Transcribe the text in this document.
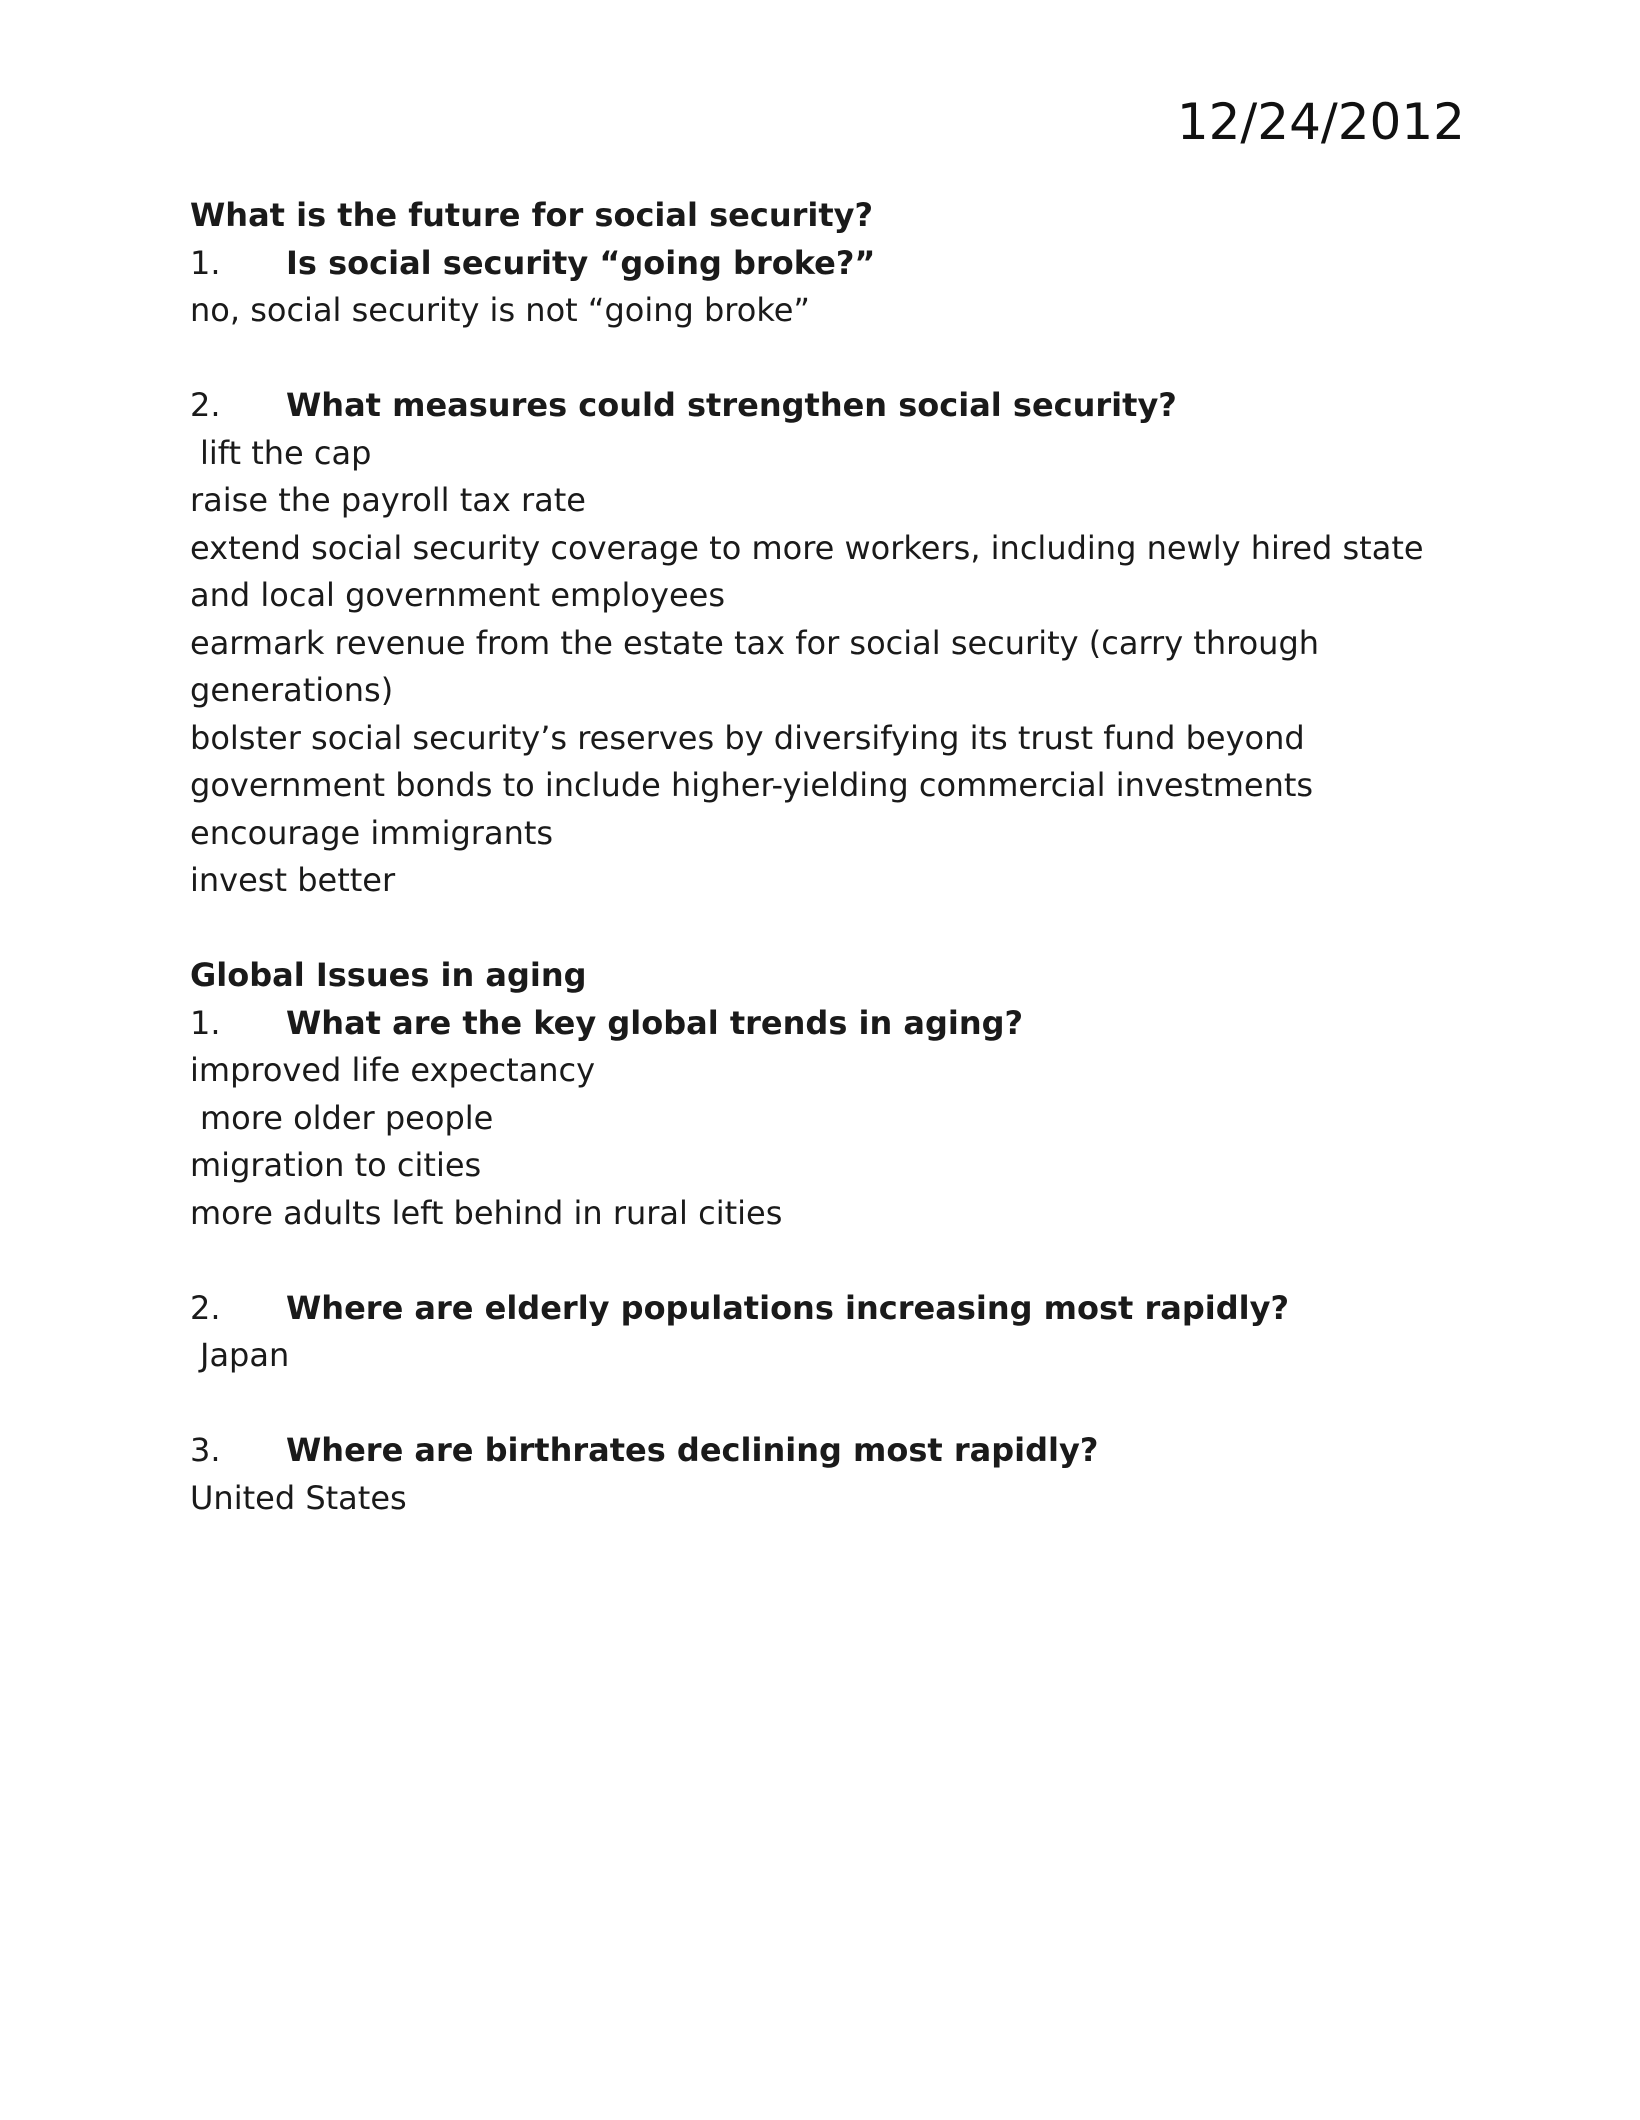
12/24/2012

What is the future for social security?

1.	Is social security “going broke?”

no, social security is not “going broke”

2.	What measures could strengthen social security?

lift the cap

raise the payroll tax rate

extend social security coverage to more workers, including newly hired state

and local government employees

earmark revenue from the estate tax for social security (carry through

generations)

bolster social security’s reserves by diversifying its trust fund beyond

government bonds to include higher-yielding commercial investments

encourage immigrants

invest better

Global Issues in aging

1.	What are the key global trends in aging?

improved life expectancy

more older people

migration to cities

more adults left behind in rural cities

2.	Where are elderly populations increasing most rapidly?

Japan

3.	Where are birthrates declining most rapidly?

United States
